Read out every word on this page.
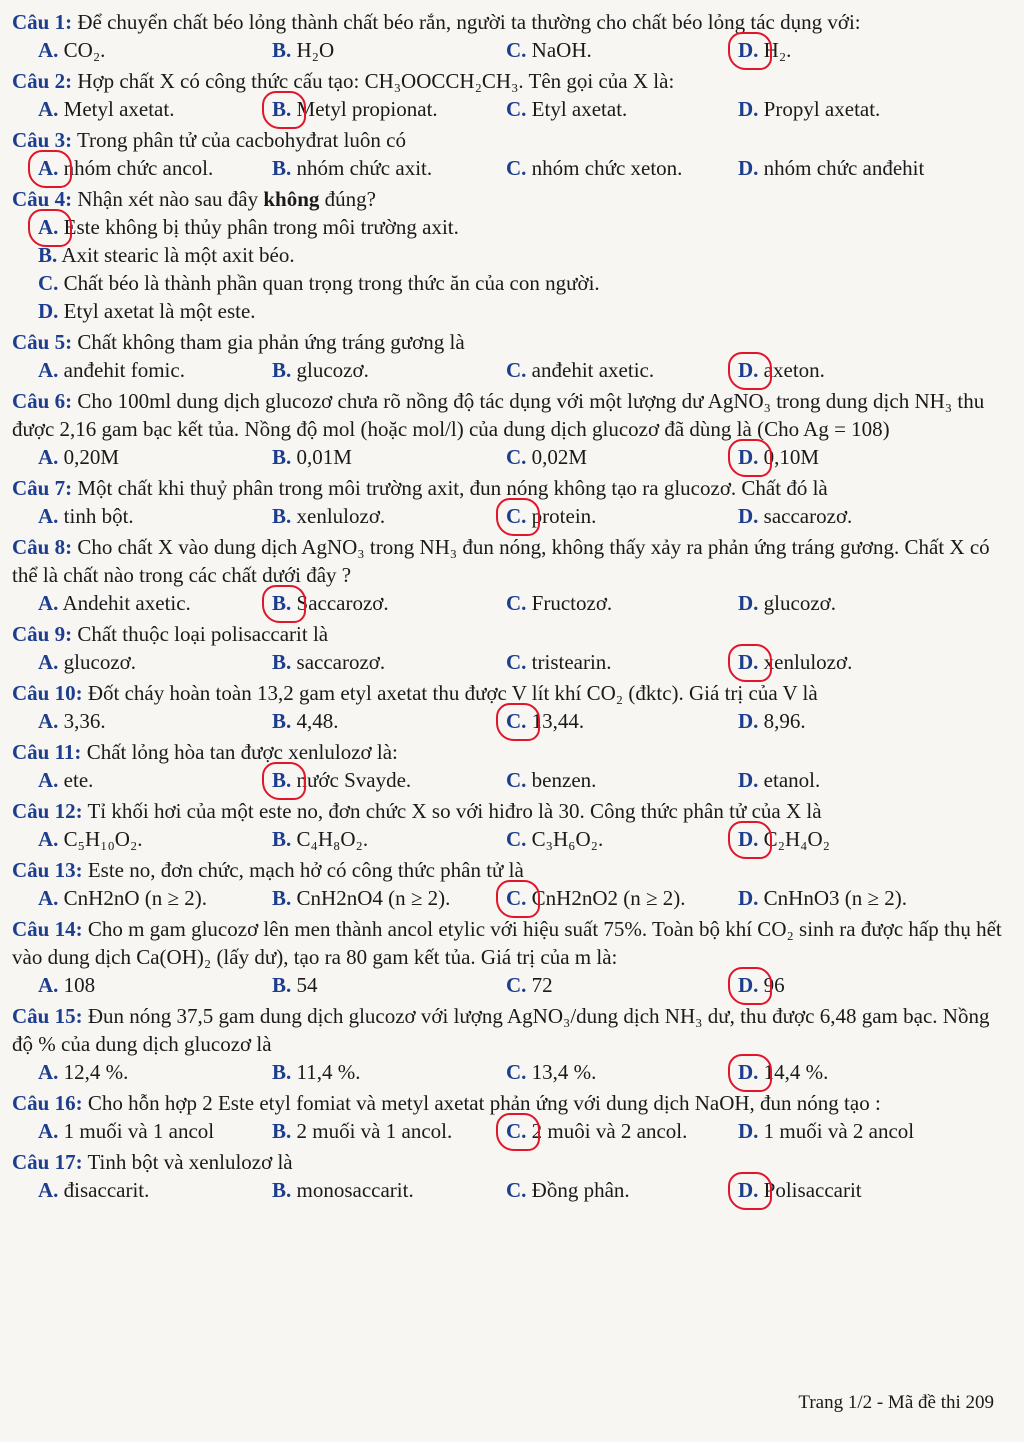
Câu 1: Để chuyển chất béo lỏng thành chất béo rắn, người ta thường cho chất béo lỏng tác dụng với:

A. CO₂.	B. H₂O	C. NaOH.	D. H₂.

Câu 2: Hợp chất X có công thức cấu tạo: CH₃OOCCH₂CH₃. Tên gọi của X là:

A. Metyl axetat.	B. Metyl propionat.	C. Etyl axetat.	D. Propyl axetat.

Câu 3: Trong phân tử của cacbohyđrat luôn có

A. nhóm chức ancol.	B. nhóm chức axit.	C. nhóm chức xeton.	D. nhóm chức anđehit

Câu 4: Nhận xét nào sau đây không đúng?

A. Este không bị thủy phân trong môi trường axit.
B. Axit stearic là một axit béo.
C. Chất béo là thành phần quan trọng trong thức ăn của con người.
D. Etyl axetat là một este.

Câu 5: Chất không tham gia phản ứng tráng gương là

A. anđehit fomic.	B. glucozơ.	C. anđehit axetic.	D. axeton.

Câu 6: Cho 100ml dung dịch glucozơ chưa rõ nồng độ tác dụng với một lượng dư AgNO₃ trong dung dịch NH₃ thu được 2,16 gam bạc kết tủa. Nồng độ mol (hoặc mol/l) của dung dịch glucozơ đã dùng là (Cho Ag = 108)

A. 0,20M	B. 0,01M	C. 0,02M	D. 0,10M

Câu 7: Một chất khi thuỷ phân trong môi trường axit, đun nóng không tạo ra glucozơ. Chất đó là

A. tinh bột.	B. xenlulozơ.	C. protein.	D. saccarozơ.

Câu 8: Cho chất X vào dung dịch AgNO₃ trong NH₃ đun nóng, không thấy xảy ra phản ứng tráng gương. Chất X có thể là chất nào trong các chất dưới đây ?

A. Andehit axetic.	B. Saccarozơ.	C. Fructozơ.	D. glucozơ.

Câu 9: Chất thuộc loại polisaccarit là

A. glucozơ.	B. saccarozơ.	C. tristearin.	D. xenlulozơ.

Câu 10: Đốt cháy hoàn toàn 13,2 gam etyl axetat thu được V lít khí CO₂ (đktc). Giá trị của V là

A. 3,36.	B. 4,48.	C. 13,44.	D. 8,96.

Câu 11: Chất lỏng hòa tan được xenlulozơ là:

A. ete.	B. nước Svayde.	C. benzen.	D. etanol.

Câu 12: Tỉ khối hơi của một este no, đơn chức X so với hiđro là 30. Công thức phân tử của X là

A. C₅H₁₀O₂.	B. C₄H₈O₂.	C. C₃H₆O₂.	D. C₂H₄O₂

Câu 13: Este no, đơn chức, mạch hở có công thức phân tử là

A. CnH2nO (n ≥ 2).	B. CnH2nO4 (n ≥ 2).	C. CnH2nO2 (n ≥ 2).	D. CnHnO3 (n ≥ 2).

Câu 14: Cho m gam glucozơ lên men thành ancol etylic với hiệu suất 75%. Toàn bộ khí CO₂ sinh ra được hấp thụ hết vào dung dịch Ca(OH)₂ (lấy dư), tạo ra 80 gam kết tủa. Giá trị của m là:

A. 108	B. 54	C. 72	D. 96

Câu 15: Đun nóng 37,5 gam dung dịch glucozơ với lượng AgNO₃/dung dịch NH₃ dư, thu được 6,48 gam bạc. Nồng độ % của dung dịch glucozơ là

A. 12,4 %.	B. 11,4 %.	C. 13,4 %.	D. 14,4 %.

Câu 16: Cho hỗn hợp 2 Este etyl fomiat và metyl axetat phản ứng với dung dịch NaOH, đun nóng tạo :

A. 1 muối và 1 ancol	B. 2 muối và 1 ancol.	C. 2 muôi và 2 ancol.	D. 1 muối và 2 ancol

Câu 17: Tinh bột và xenlulozơ là

A. đisaccarit.	B. monosaccarit.	C. Đồng phân.	D. Polisaccarit
Trang 1/2 - Mã đề thi 209
